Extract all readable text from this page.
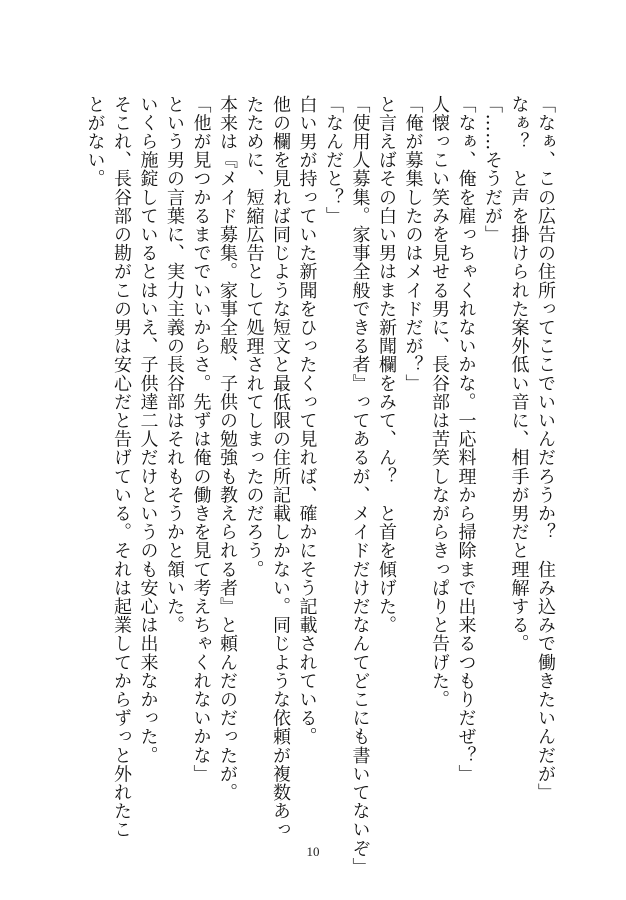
「なぁ、この広告の住所ってここでいいんだろうか？　住み込みで働きたいんだが」
なぁ？　と声を掛けられた案外低い音に、相手が男だと理解する。
「……そうだが」
「なぁ、俺を雇っちゃくれないかな。一応料理から掃除まで出来るつもりだぜ？」
人懐っこい笑みを見せる男に、長谷部は苦笑しながらきっぱりと告げた。
「俺が募集したのはメイドだが？」
と言えばその白い男はまた新聞欄をみて、ん？　と首を傾げた。
「使用人募集。家事全般できる者』ってあるが、メイドだけだなんてどこにも書いてないぞ」
「なんだと？」
白い男が持っていた新聞をひったくって見れば、確かにそう記載されている。
他の欄を見れば同じような短文と最低限の住所記載しかない。同じような依頼が複数あっ
たために、短縮広告として処理されてしまったのだろう。
本来は『メイド募集。家事全般、子供の勉強も教えられる者』と頼んだのだったが。
「他が見つかるまででいいからさ。先ずは俺の働きを見て考えちゃくれないかな」
という男の言葉に、実力主義の長谷部はそれもそうかと頷いた。
いくら施錠しているとはいえ、子供達二人だけというのも安心は出来なかった。
そこれ、長谷部の勘がこの男は安心だと告げている。それは起業してからずっと外れたこ
とがない。
10
